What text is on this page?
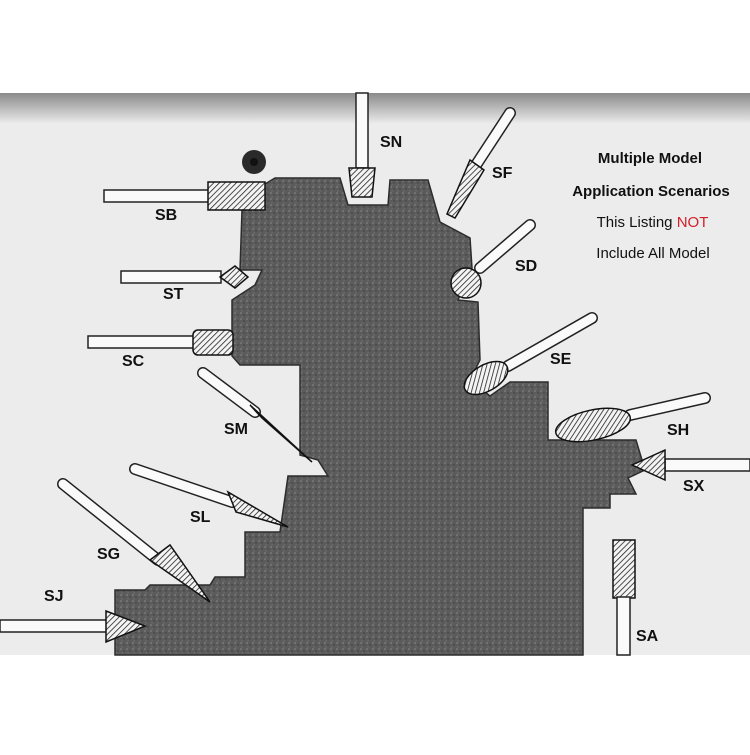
SN
SF
SD
SB
ST
SC	SE
SM	SH
SX
SL
SG
SJ
SA
Multiple Model
Application Scenarios
This Listing NOT
Include All Model
